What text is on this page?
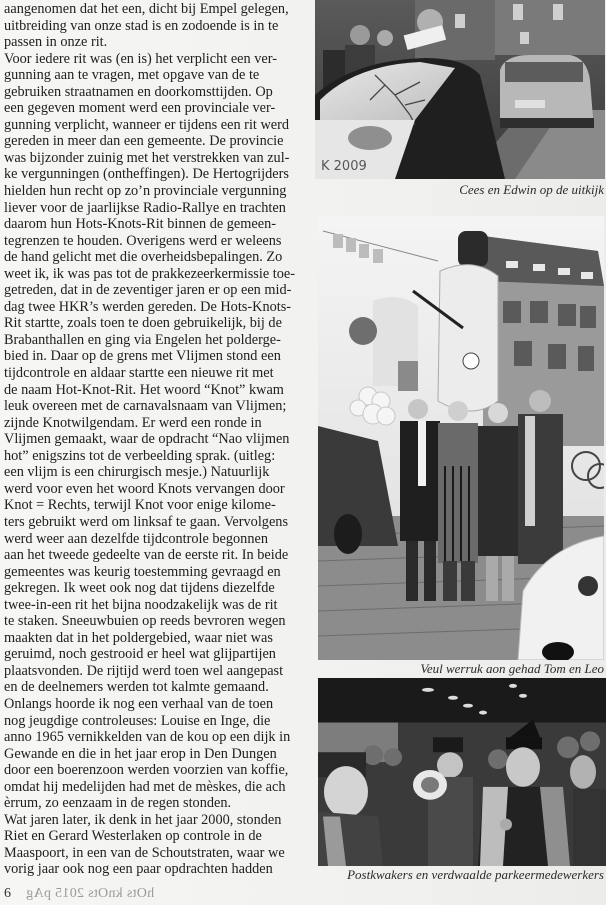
aangenomen dat het een, dicht bij Empel gelegen,

uitbreiding van onze stad is en zodoende is in te

passen in onze rit.

Voor iedere rit was (en is) het verplicht een ver-

gunning aan te vragen, met opgave van de te

gebruiken straatnamen en doorkomsttijden. Op

een gegeven moment werd een provinciale ver-

gunning verplicht, wanneer er tijdens een rit werd

gereden in meer dan een gemeente. De provincie

was bijzonder zuinig met het verstrekken van zul-

ke vergunningen (ontheffingen). De Hertogrijders

hielden hun recht op zo’n provinciale vergunning

liever voor de jaarlijkse Radio-Rallye en trachten

daarom hun Hots-Knots-Rit binnen de gemeen-

tegrenzen te houden. Overigens werd er weleens

de hand gelicht met die overheidsbepalingen. Zo

weet ik, ik was pas tot de prakkezeerkermissie toe-

getreden, dat in de zeventiger jaren er op een mid-

dag twee HKR’s werden gereden. De Hots-Knots-

Rit startte, zoals toen te doen gebruikelijk, bij de

Brabanthallen en ging via Engelen het polderge-

bied in. Daar op de grens met Vlijmen stond een

tijdcontrole en aldaar startte een nieuwe rit met

de naam Hot-Knot-Rit. Het woord “Knot” kwam

leuk overeen met de carnavalsnaam van Vlijmen;

zijnde Knotwilgendam. Er werd een ronde in

Vlijmen gemaakt, waar de opdracht “Nao vlijmen

hot” enigszins tot de verbeelding sprak. (uitleg:

een vlijm is een chirurgisch mesje.) Natuurlijk

werd voor even het woord Knots vervangen door

Knot = Rechts, terwijl Knot voor enige kilome-

ters gebruikt werd om linksaf te gaan. Vervolgens

werd weer aan dezelfde tijdcontrole begonnen

aan het tweede gedeelte van de eerste rit. In beide

gemeentes was keurig toestemming gevraagd en

gekregen. Ik weet ook nog dat tijdens diezelfde

twee-in-een rit het bijna noodzakelijk was de rit

te staken. Sneeuwbuien op reeds bevroren wegen

maakten dat in het poldergebied, waar niet was

geruimd, noch gestrooid er heel wat glijpartijen

plaatsvonden. De rijtijd werd toen wel aangepast

en de deelnemers werden tot kalmte gemaand.

Onlangs hoorde ik nog een verhaal van de toen

nog jeugdige controleuses: Louise en Inge, die

anno 1965 vernikkelden van de kou op een dijk in

Gewande en die in het jaar erop in Den Dungen

door een boerenzoon werden voorzien van koffie,

omdat hij medelijden had met de mèskes, die ach

èrrum, zo eenzaam in de regen stonden.

Wat jaren later, ik denk in het jaar 2000, stonden

Riet en Gerard Westerlaken op controle in de

Maaspoort, in een van de Schoutstraten, waar we

vorig jaar ook nog een paar opdrachten hadden

K 2009
Cees en Edwin op de uitkijk
Veul werruk aon gehad Tom en Leo
Postkwakers en verdwaalde parkeermedewerkers
6 hOts knOts 2015 pAg
